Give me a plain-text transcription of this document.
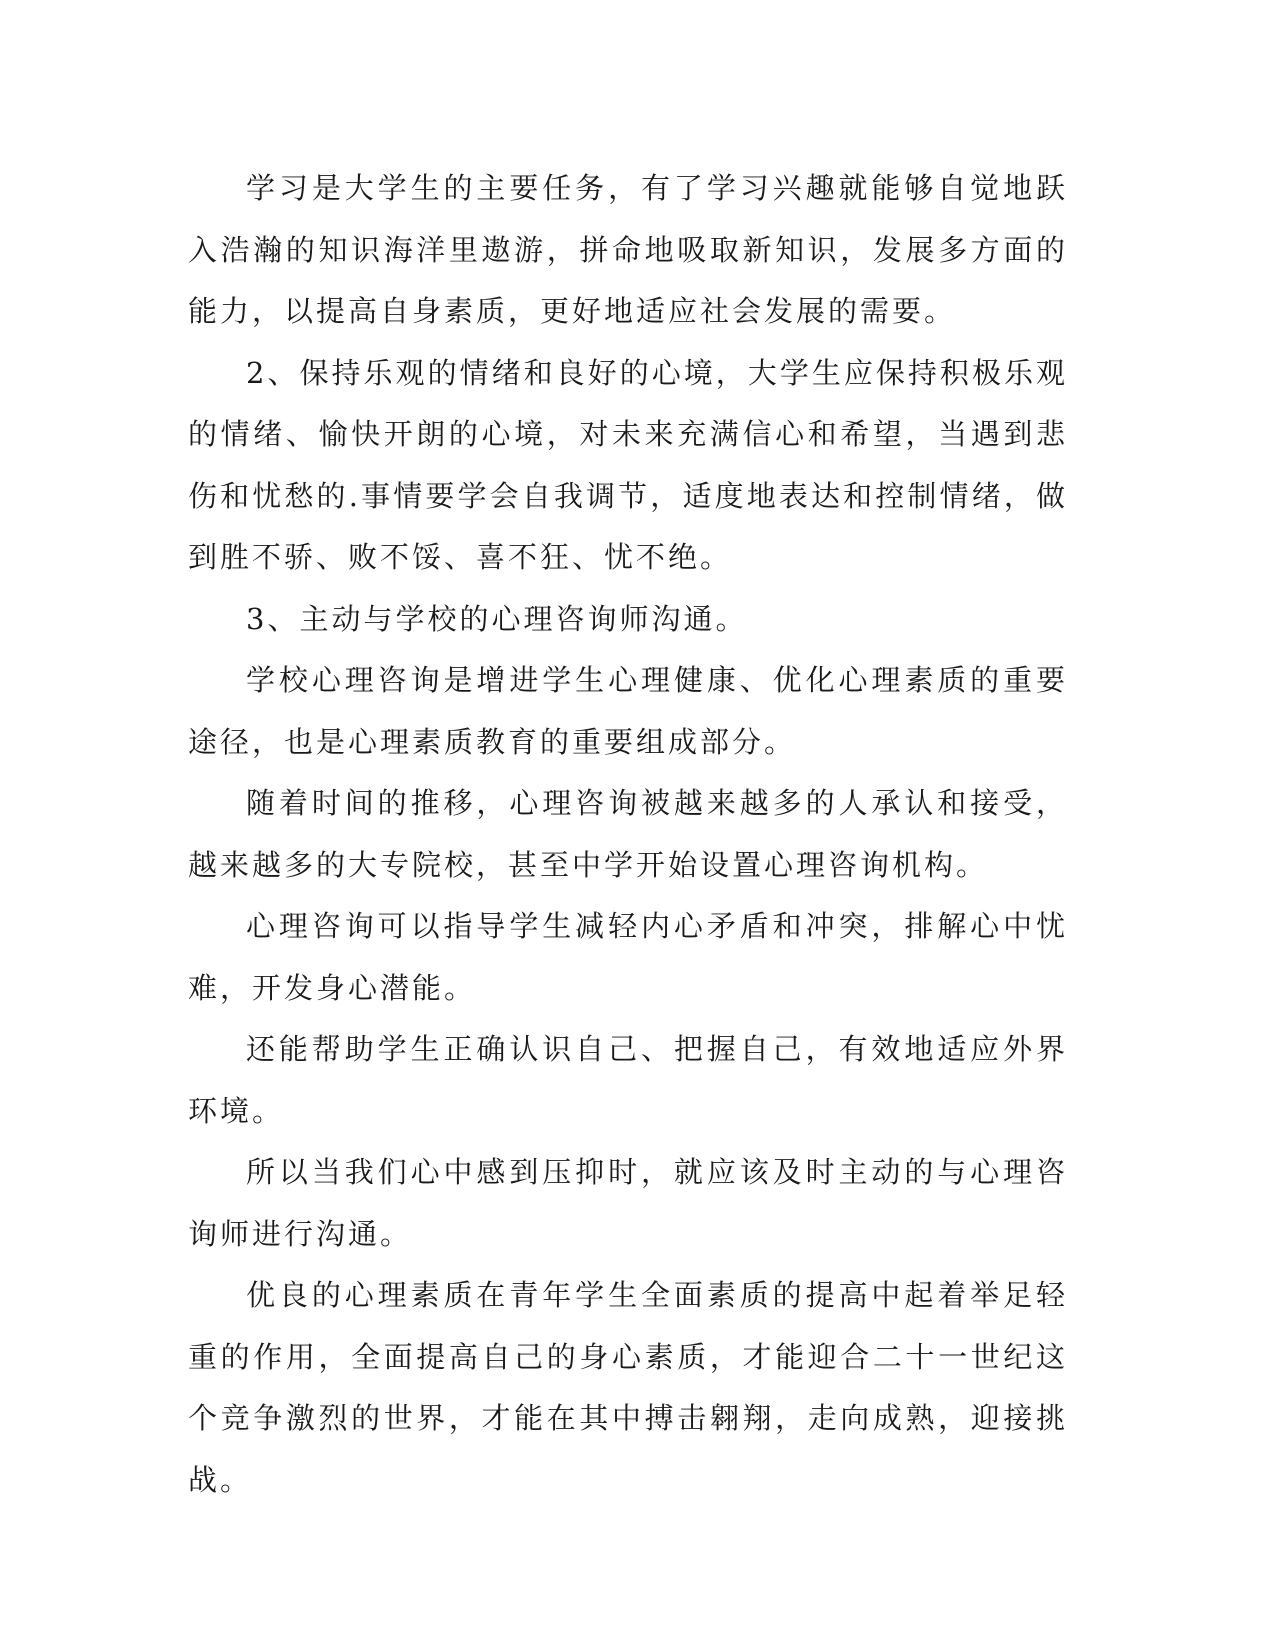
学习是大学生的主要任务，有了学习兴趣就能够自觉地跃入浩瀚的知识海洋里遨游，拼命地吸取新知识，发展多方面的能力，以提高自身素质，更好地适应社会发展的需要。

2、保持乐观的情绪和良好的心境，大学生应保持积极乐观的情绪、愉快开朗的心境，对未来充满信心和希望，当遇到悲伤和忧愁的.事情要学会自我调节，适度地表达和控制情绪，做到胜不骄、败不馁、喜不狂、忧不绝。

3、主动与学校的心理咨询师沟通。

学校心理咨询是增进学生心理健康、优化心理素质的重要途径，也是心理素质教育的重要组成部分。

随着时间的推移，心理咨询被越来越多的人承认和接受，越来越多的大专院校，甚至中学开始设置心理咨询机构。

心理咨询可以指导学生减轻内心矛盾和冲突，排解心中忧难，开发身心潜能。

还能帮助学生正确认识自己、把握自己，有效地适应外界环境。

所以当我们心中感到压抑时，就应该及时主动的与心理咨询师进行沟通。

优良的心理素质在青年学生全面素质的提高中起着举足轻重的作用，全面提高自己的身心素质，才能迎合二十一世纪这个竞争激烈的世界，才能在其中搏击翱翔，走向成熟，迎接挑战。
